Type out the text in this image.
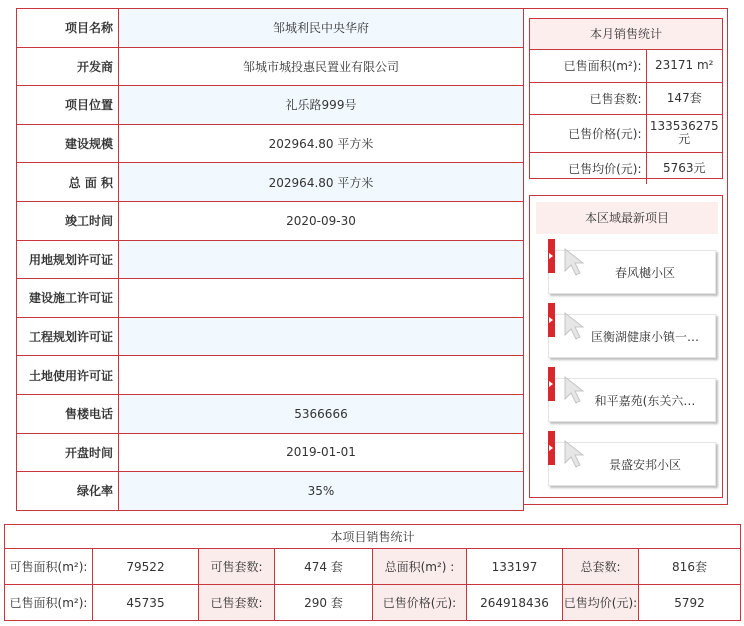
项目名称	邹城利民中央华府
开发商	邹城市城投惠民置业有限公司
项目位置	礼乐路999号
建设规模	202964.80 平方米
总 面 积	202964.80 平方米
竣工时间	2020-09-30
用地规划许可证	
建设施工许可证	
工程规划许可证	
土地使用许可证	
售楼电话	5366666
开盘时间	2019-01-01
绿化率	35%
本月销售统计
已售面积(m²):	23171 m²
已售套数:	147套
已售价格(元):	133536275元
已售均价(元):	5763元
本区域最新项目
春风樾小区
匡衡湖健康小镇一…
和平嘉苑(东关六…
景盛安邦小区
本项目销售统计							
可售面积(m²):	79522	可售套数:	474 套	总面积(m²) :	133197	总套数:	816套
已售面积(m²):	45735	已售套数:	290 套	已售价格(元):	264918436	已售均价(元):	5792
